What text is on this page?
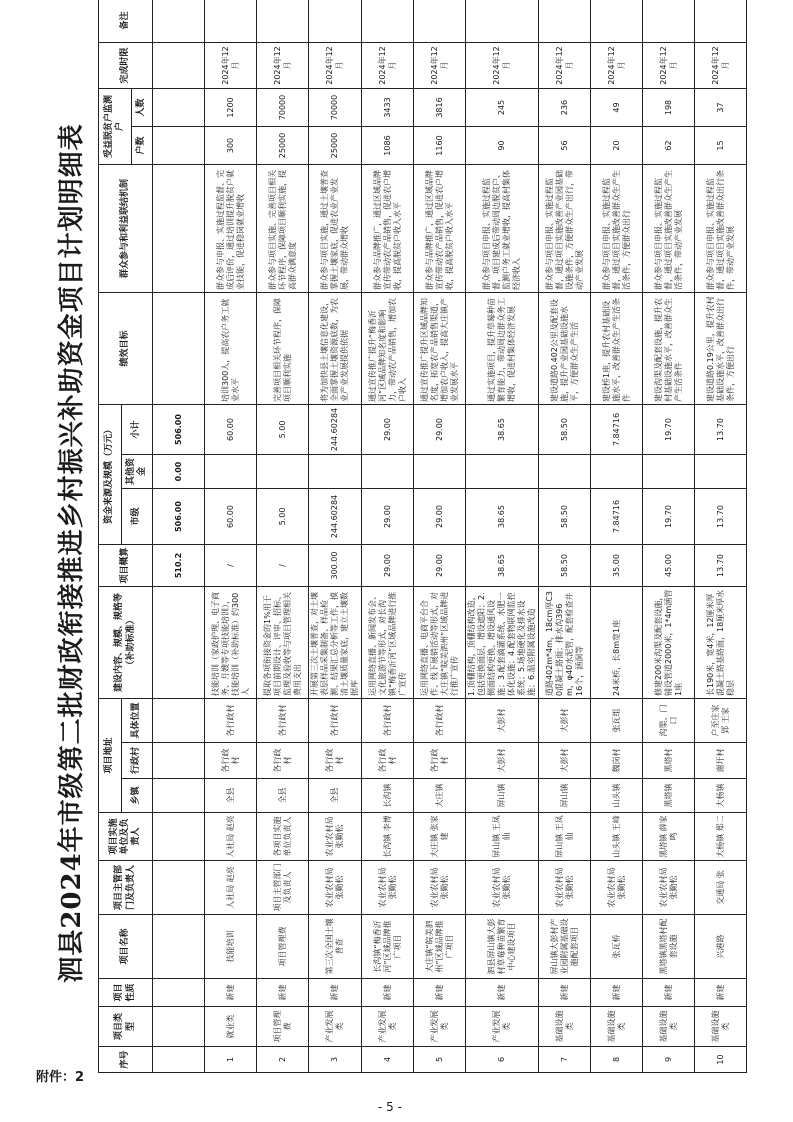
附件：2
泗县2024年市级第二批财政衔接推进乡村振兴补助资金项目计划明细表
序号	项目类型	项目性质	项目名称	项目主管部门及负责人	项目实施单位及负责人	项目地址			建设内容、规模、规格等（补助标准）	项目概算	资金来源及规模（万元）			绩效目标	群众参与和利益联结机制	受益脱贫户监测户		完成时限	备注
						乡镇	行政村	具体位置			市级	其他资金	小计						
																户数	人数		
										510.2	506.00	0.00	506.00						
1	就业类	新建	技能培训	人社局 赵亮	人社局 赵亮	全县	各行政村	各行政村	技能培训（家政护理、电子商务、月嫂等专项技能培训），技能培训（补助标准）约300人	/	60.00		60.00	培训300人，提高农户务工就业水平	群众参与申报、实施过程监督、完成后评价，通过培训提升脱贫户就业技能，促进稳岗就业增收	300	1200	2024年12月	
2	项目管理费	新建	项目管理费	项目主管部门及负责人	各项目实施单位负责人	全县	各行政村	各行政村	提取各项衔接资金的1%用于项目前期设计、评审、招标、监理及验收等与项目管理相关费用支出	/	5.00		5.00	完善项目相关环节程序，保障项目顺利实施	群众参与项目实施、完善项目相关环节程序，保障项目顺利实施，提高群众满意度	25000	70000	2024年12月	
3	产业发展类	新建	第三次全国土壤普查	农业农村局 张勤松	农业农村局 张勤松	全县	各行政村	各行政村	开展第三次土壤普查，对土壤表层样品采集制备、样品检测、结果汇总分析等工作，摸清土壤质量家底，建立土壤数据库	300.00	244.60284		244.60284	将为加快县土壤信息化建设，全面掌握土壤资源底数，为农业产业发展提供依据	群众参与项目实施，通过土壤普查掌握土壤家底，促进农业产业发展，带动群众增收	25000	70000	2024年12月	
4	产业发展类	新建	长沟镇“梅香沂河”区域品牌推广项目	农业农村局 张勤松	长沟镇 李博	长沟镇	各行政村	各行政村	运用网络直播、新闻发布会、文化旅游节等形式，对长沟镇“梅香沂河”区域品牌进行推广宣传	29.00	29.00		29.00	通过宣传推广提升“梅香沂河”区域品牌知名度和影响力，带动农产品销售，增加农户收入	群众参与品牌推广，通过区域品牌宣传带动农产品销售，促进农户增收，提高脱贫户收入水平	1086	3433	2024年12月	
5	产业发展类	新建	大庄镇“皖美泗州”区域品牌推广项目	农业农村局 张勤松	大庄镇 张家建	大庄镇	各行政村	各行政村	运用网络直播、电商平台合作、线下展销活动等形式，对大庄镇“皖美泗州”区域品牌进行推广宣传	29.00	29.00		29.00	通过宣传推广提升区域品牌知名度，拓宽农产品销售渠道，增加农户收入，提高大庄镇产业发展水平	群众参与品牌推广，通过区域品牌宣传带动农产品销售，促进农户增收，提高脱贫户收入水平	1160	3816	2024年12月	
6	产业发展类	新建	泗县屏山镇大彭村草莓种苗繁育中心建设项目	农业农村局 张勤松	屏山镇 王凤仙	屏山镇	大彭村	大彭村	1.顶棚结构，顶棚结构改造，包括更换面层，增设遮阳；2.侧面结构更换、增设通风设施；3.配套滴灌系统、水肥一体化设施；4.配套物联网监控系统；5.场地硬化及排水设施；6.温室附属设施改造	38.65	38.65		38.65	通过实施项目，提升草莓种苗繁育能力，带动周边群众务工增收，促进村集体经济发展	群众参与项目申报、实施过程监督，项目建成后带动周边脱贫户、监测户务工就业增收，提高村集体经济收入	90	245	2024年12月	
7	基础设施类	新建	屏山镇大彭村产业园附属基础设施配套项目	农业农村局 张勤松	屏山镇 王凤仙	屏山镇	大彭村	大彭村	道路402m*4m，18cm厚C30混凝土路面；排水沟396m，φ40水泥管，配套检查井16个，涵洞等	58.50	58.50		58.50	建设道路0.402公里及配套设施，提升产业园基础设施水平，方便群众生产生活	群众参与项目申报、实施过程监督，通过项目实施改善产业园基础设施条件，方便群众生产出行，带动产业发展	56	236	2024年12月	
8	基础设施类	新建	张瓦桥	农业农村局 张勤松	山头镇 王峰	山头镇	魏岗村	张瓦组	24米桥，长8m宽1座	35.00	7.84716		7.84716	建设桥1座，提升农村基础设施水平，改善群众生产生活条件	群众参与项目申报、实施过程监督，通过项目实施改善群众生产生活条件，方便群众出行	20	49	2024年12月	
9	基础设施类	新建	黑塔镇黑塔村配套设施	农业农村局 张勤松	黑塔镇 薛家鸣	黑塔镇	黑塔村	沟渠、门口	修建200米沟渠及配套设施，铺设管道2000米，1*4m涵管1座	45.00	19.70		19.70	建设沟渠及配套设施，提升农村基础设施水平，改善群众生产生活条件	群众参与项目申报、实施过程监督，通过项目实施改善群众生产生活条件，带动产业发展	62	198	2024年12月	
10	基础设施类	新建	兴港路	交通局 张	大杨镇 郑二	大杨镇	谢圩村	户至庄家郢 王家	长190米，宽4米，12厘米厚混凝土路基路面，18厘米厚水稳层	13.70	13.70		13.70	建设道路0.19公里，提升农村基础设施水平，改善群众出行条件，方便出行	群众参与项目申报、实施过程监督，通过项目实施改善群众出行条件，带动产业发展	15	37	2024年12月	
- 5 -
